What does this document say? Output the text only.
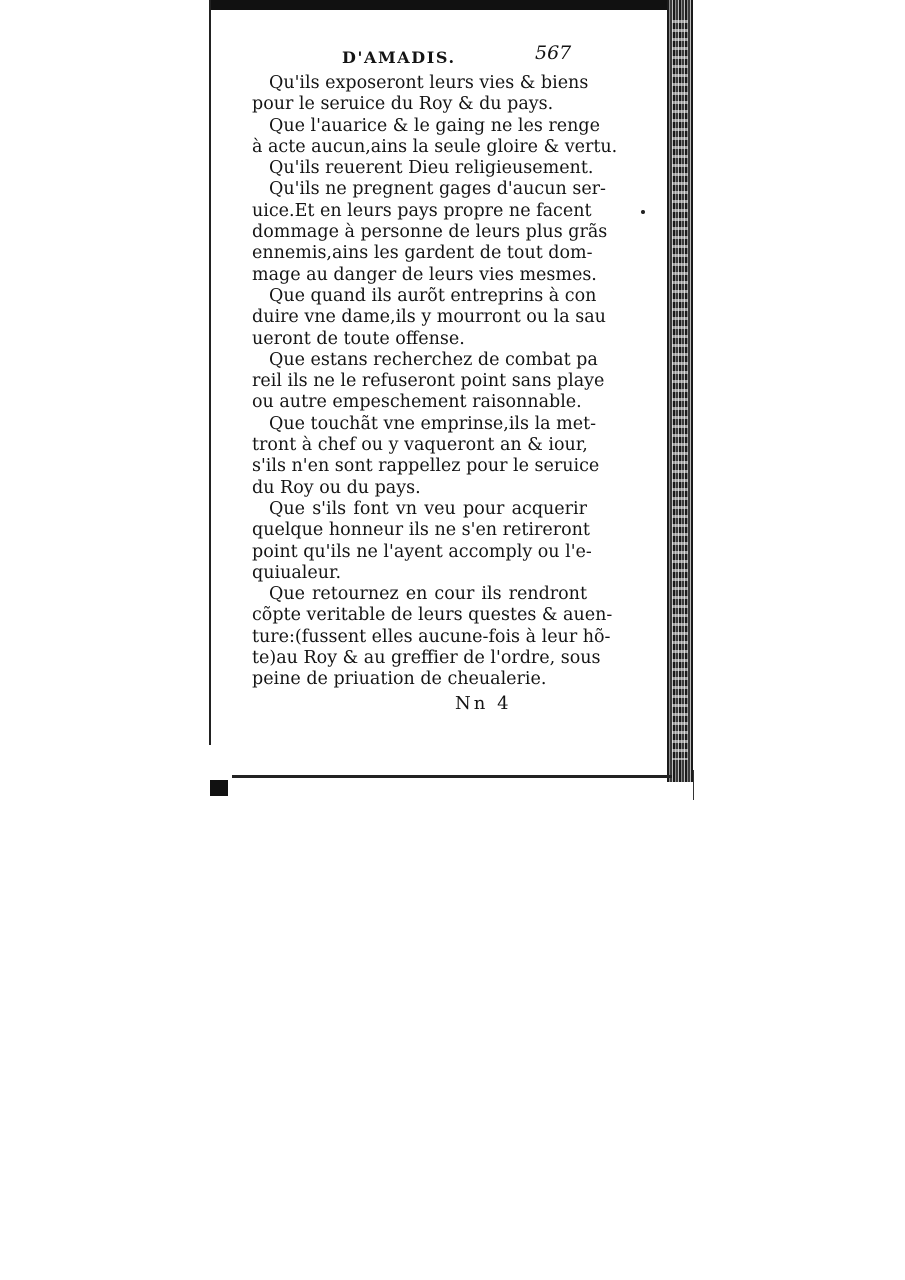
D'AMADIS.	567
Qu'ils exposeront leurs vies & biens
pour le seruice du Roy & du pays.
Que l'auarice & le gaing ne les renge
à acte aucun,ains la seule gloire & vertu.
Qu'ils reuerent Dieu religieusement.
Qu'ils ne pregnent gages d'aucun ser-
uice.Et en leurs pays propre ne facent
dommage à personne de leurs plus grãs
ennemis,ains les gardent de tout dom-
mage au danger de leurs vies mesmes.
Que quand ils aurõt entreprins à con
duire vne dame,ils y mourront ou la sau
ueront de toute offense.
Que estans recherchez de combat pa
reil ils ne le refuseront point sans playe
ou autre empeschement raisonnable.
Que touchãt vne emprinse,ils la met-
tront à chef ou y vaqueront an & iour,
s'ils n'en sont rappellez pour le seruice
du Roy ou du pays.
Que s'ils font vn veu pour acquerir
quelque honneur ils ne s'en retireront
point qu'ils ne l'ayent accomply ou l'e-
quiualeur.
Que retournez en cour ils rendront
cõpte veritable de leurs questes & auen-
ture:(fussent elles aucune-fois à leur hõ-
te)au Roy & au greffier de l'ordre, sous
peine de priuation de cheualerie.
Nn 4
